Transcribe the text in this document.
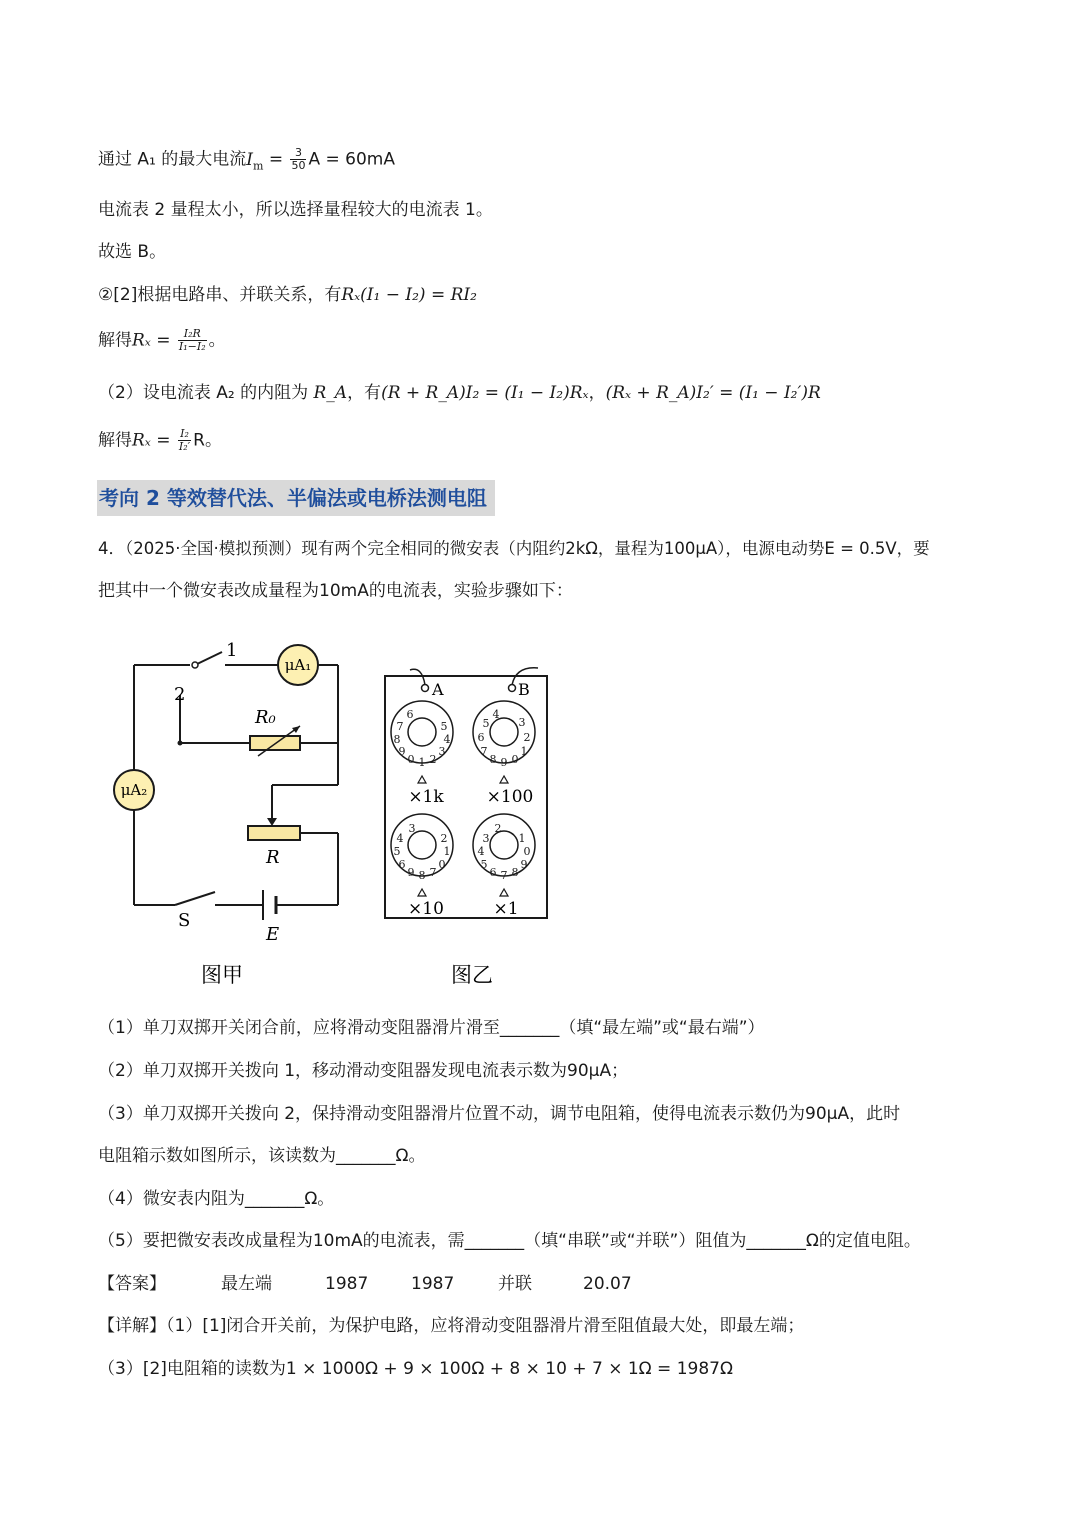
通过 A₁ 的最大电流$I_m = \frac{3}{50}$ A = 60mA
电流表 2 量程太小，所以选择量程较大的电流表 1。
故选 B。
②[2]根据电路串、并联关系，有Rₓ(I₁ − I₂) = RI₂
解得$R_x = \frac{\text{I₂R}}{\text{I₁−I₂}}$ 。
（2）设电流表 A₂ 的内阻为 R_A，有(R + R_A)I₂ = (I₁ − I₂)Rₓ，(Rₓ + R_A)I₂′ = (I₁ − I₂′)R
解得$R_x = \frac{\text{I₂}}{\text{I₂′}}$ R。
考向 2 等效替代法、半偏法或电桥法测电阻
4．（2025·全国·模拟预测）现有两个完全相同的微安表（内阻约2kΩ，量程为100μA），电源电动势E = 0.5V，要
把其中一个微安表改成量程为10mA的电流表，实验步骤如下：
1
2
μA₁
μA₂
R₀
R
S
E
A	B
1
0 2
9	3
8	4
7	5
6
9
8 0
7	1
6	2
5	3
4
8
9 7
6	0
5	1
4	2
3
7
6 8
5	9
4	0
3	1
2
×1k	×100
×10	×1
图甲	图乙
（1）单刀双掷开关闭合前，应将滑动变阻器滑片滑至_______（填“最左端”或“最右端”）
（2）单刀双掷开关拨向 1，移动滑动变阻器发现电流表示数为90μA；
（3）单刀双掷开关拨向 2，保持滑动变阻器滑片位置不动，调节电阻箱，使得电流表示数仍为90μA，此时
电阻箱示数如图所示，该读数为_______Ω。
（4）微安表内阻为_______Ω。
（5）要把微安表改成量程为10mA的电流表，需_______（填“串联”或“并联”）阻值为_______Ω的定值电阻。
【答案】	最左端	1987	1987	并联	20.07
【详解】（1）[1]闭合开关前，为保护电路，应将滑动变阻器滑片滑至阻值最大处，即最左端；
（3）[2]电阻箱的读数为1 × 1000Ω + 9 × 100Ω + 8 × 10 + 7 × 1Ω = 1987Ω
